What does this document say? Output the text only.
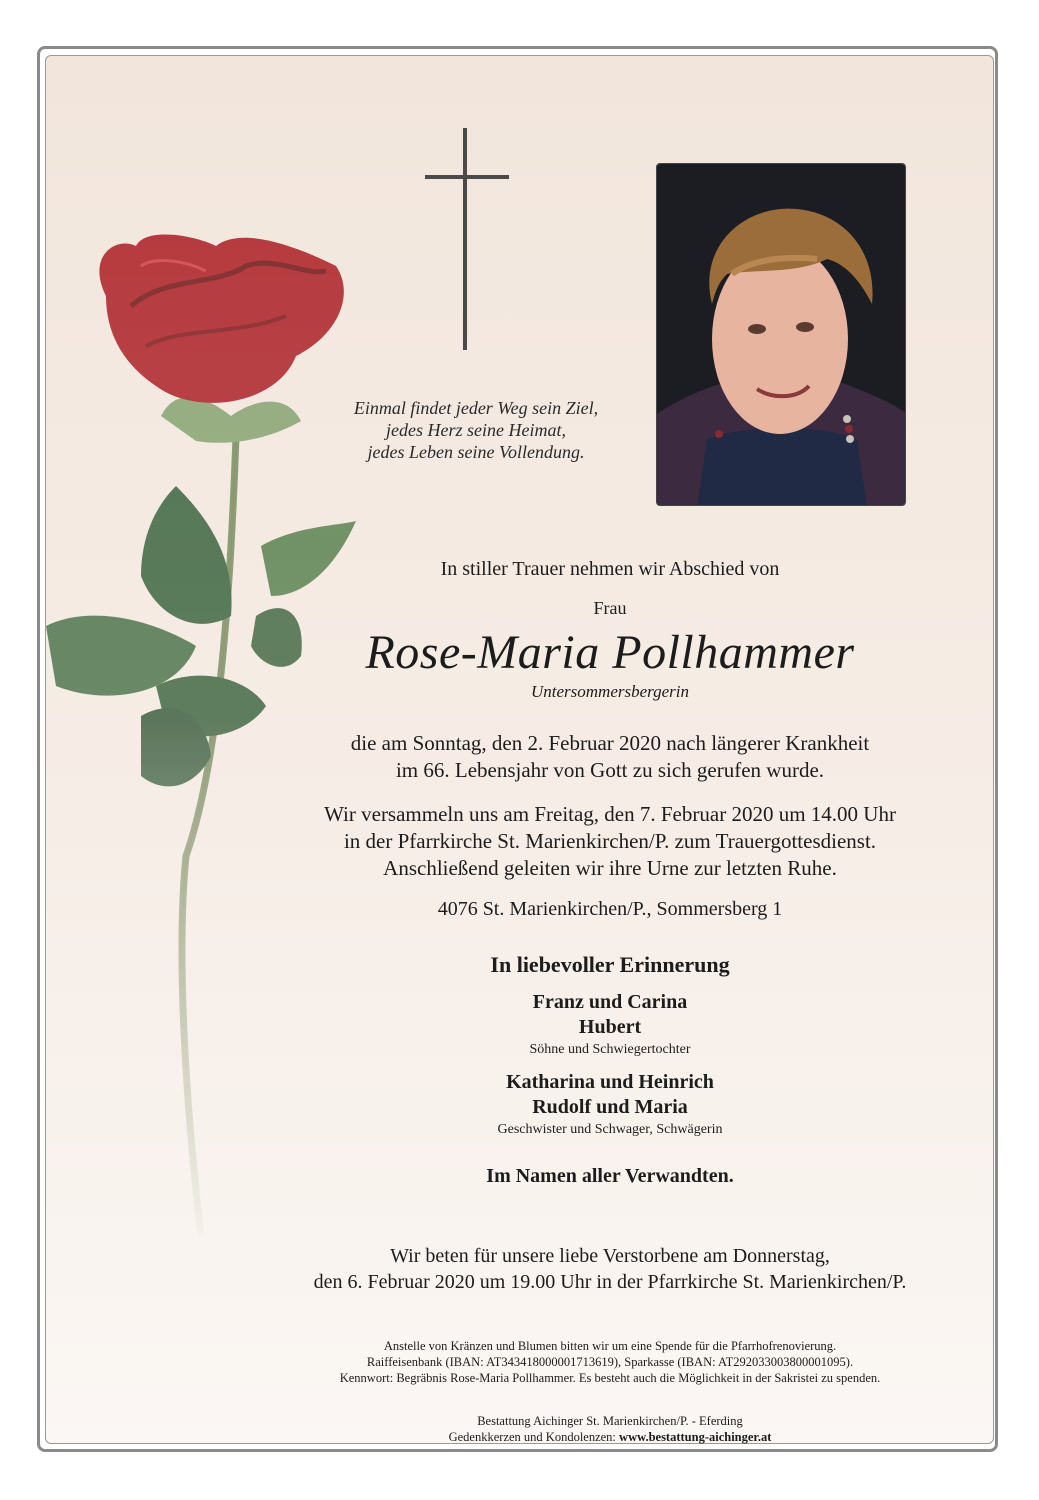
Einmal findet jeder Weg sein Ziel,
jedes Herz seine Heimat,
jedes Leben seine Vollendung.
In stiller Trauer nehmen wir Abschied von
Frau
Rose-Maria Pollhammer
Untersommersbergerin
die am Sonntag, den 2. Februar 2020 nach längerer Krankheit
im 66. Lebensjahr von Gott zu sich gerufen wurde.
Wir versammeln uns am Freitag, den 7. Februar 2020 um 14.00 Uhr
in der Pfarrkirche St. Marienkirchen/P. zum Trauergottesdienst.
Anschließend geleiten wir ihre Urne zur letzten Ruhe.
4076 St. Marienkirchen/P., Sommersberg 1
In liebevoller Erinnerung
Franz und Carina
Hubert
Söhne und Schwiegertochter
Katharina und Heinrich
Rudolf und Maria
Geschwister und Schwager, Schwägerin
Im Namen aller Verwandten.
Wir beten für unsere liebe Verstorbene am Donnerstag,
den 6. Februar 2020 um 19.00 Uhr in der Pfarrkirche St. Marienkirchen/P.
Anstelle von Kränzen und Blumen bitten wir um eine Spende für die Pfarrhofrenovierung.
Raiffeisenbank (IBAN: AT343418000001713619), Sparkasse (IBAN: AT292033003800001095).
Kennwort: Begräbnis Rose-Maria Pollhammer. Es besteht auch die Möglichkeit in der Sakristei zu spenden.
Bestattung Aichinger St. Marienkirchen/P. - Eferding
Gedenkkerzen und Kondolenzen: www.bestattung-aichinger.at
